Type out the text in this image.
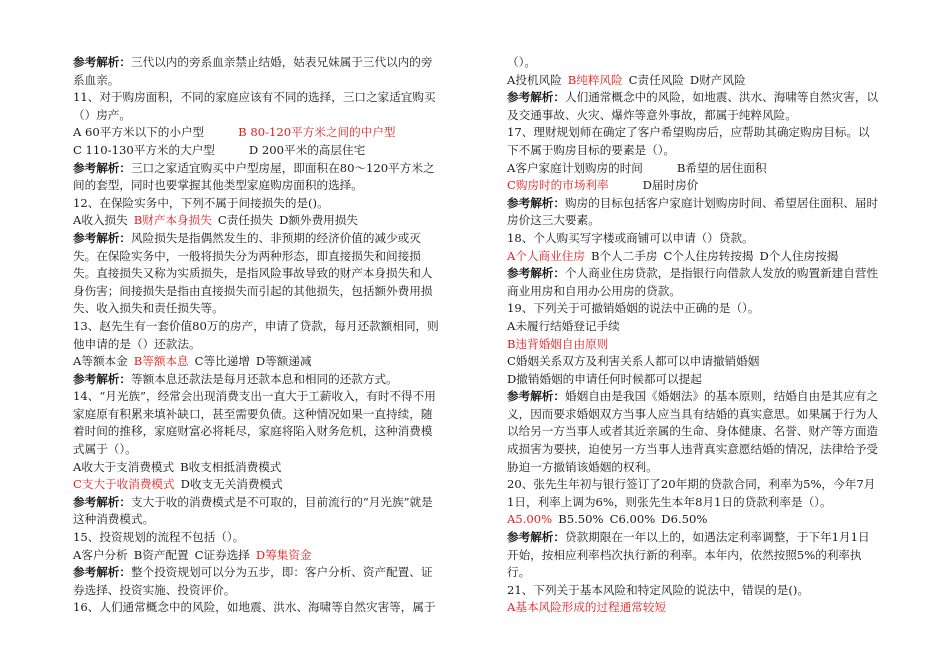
参考解析：三代以内的旁系血亲禁止结婚，姑表兄妹属于三代以内的旁系血亲。

11、对于购房面积，不同的家庭应该有不同的选择，三口之家适宜购买（）房产。

A 60平方米以下的小户型	B 80-120平方米之间的中户型

C 110-130平方米的大户型	D 200平米的高层住宅

参考解析：三口之家适宜购买中户型房屋，即面积在80～120平方米之间的套型，同时也要掌握其他类型家庭购房面积的选择。

12、在保险实务中，下列不属于间接损失的是()。

A收入损失 B财产本身损失 C责任损失 D额外费用损失

参考解析：风险损失是指偶然发生的、非预期的经济价值的减少或灭失。在保险实务中，一般将损失分为两种形态，即直接损失和间接损失。直接损失又称为实质损失，是指风险事故导致的财产本身损失和人身伤害；间接损失是指由直接损失而引起的其他损失，包括额外费用损失、收入损失和责任损失等。

13、赵先生有一套价值80万的房产，申请了贷款，每月还款额相同，则他申请的是（）还款法。

A等额本金 B等额本息 C等比递增 D等额递减

参考解析：等额本息还款法是每月还款本息和相同的还款方式。

14、“月光族”，经常会出现消费支出一直大于工薪收入，有时不得不用家庭原有积累来填补缺口，甚至需要负债。这种情况如果一直持续，随着时间的推移，家庭财富必将耗尽，家庭将陷入财务危机，这种消费模式属于（）。

A收大于支消费模式 B收支相抵消费模式

C支大于收消费模式 D收支无关消费模式

参考解析：支大于收的消费模式是不可取的，目前流行的“月光族”就是这种消费模式。

15、投资规划的流程不包括（）。

A客户分析 B资产配置 C证券选择 D筹集资金

参考解析：整个投资规划可以分为五步，即：客户分析、资产配置、证券选择、投资实施、投资评价。

16、人们通常概念中的风险，如地震、洪水、海啸等自然灾害等，属于

（）。

A投机风险 B纯粹风险 C责任风险 D财产风险

参考解析：人们通常概念中的风险，如地震、洪水、海啸等自然灾害，以及交通事故、火灾、爆炸等意外事故，都属于纯粹风险。

17、理财规划师在确定了客户希望购房后，应帮助其确定购房目标。以下不属于购房目标的要素是（）。

A客户家庭计划购房的时间	B希望的居住面积

C购房时的市场利率	D届时房价

参考解析：购房的目标包括客户家庭计划购房时间、希望居住面积、届时房价这三大要素。

18、个人购买写字楼或商铺可以申请（）贷款。

A个人商业住房 B个人二手房 C个人住房转按揭 D个人住房按揭

参考解析：个人商业住房贷款，是指银行向借款人发放的购置新建自营性商业用房和自用办公用房的贷款。

19、下列关于可撤销婚姻的说法中正确的是（）。

A未履行结婚登记手续

B违背婚姻自由原则

C婚姻关系双方及利害关系人都可以申请撤销婚姻

D撤销婚姻的申请任何时候都可以提起

参考解析：婚姻自由是我国《婚姻法》的基本原则，结婚自由是其应有之义，因而要求婚姻双方当事人应当具有结婚的真实意思。如果属于行为人以给另一方当事人或者其近亲属的生命、身体健康、名誉、财产等方面造成损害为要挟，迫使另一方当事人违背真实意愿结婚的情况，法律给予受胁迫一方撤销该婚姻的权利。

20、张先生年初与银行签订了20年期的贷款合同，利率为5%，今年7月1日，利率上调为6%，则张先生本年8月1日的贷款利率是（）。

A5.00% B5.50% C6.00% D6.50%

参考解析：贷款期限在一年以上的，如遇法定利率调整，于下年1月1日开始，按相应利率档次执行新的利率。本年内，依然按照5%的利率执行。

21、下列关于基本风险和特定风险的说法中，错误的是()。

A基本风险形成的过程通常较短
